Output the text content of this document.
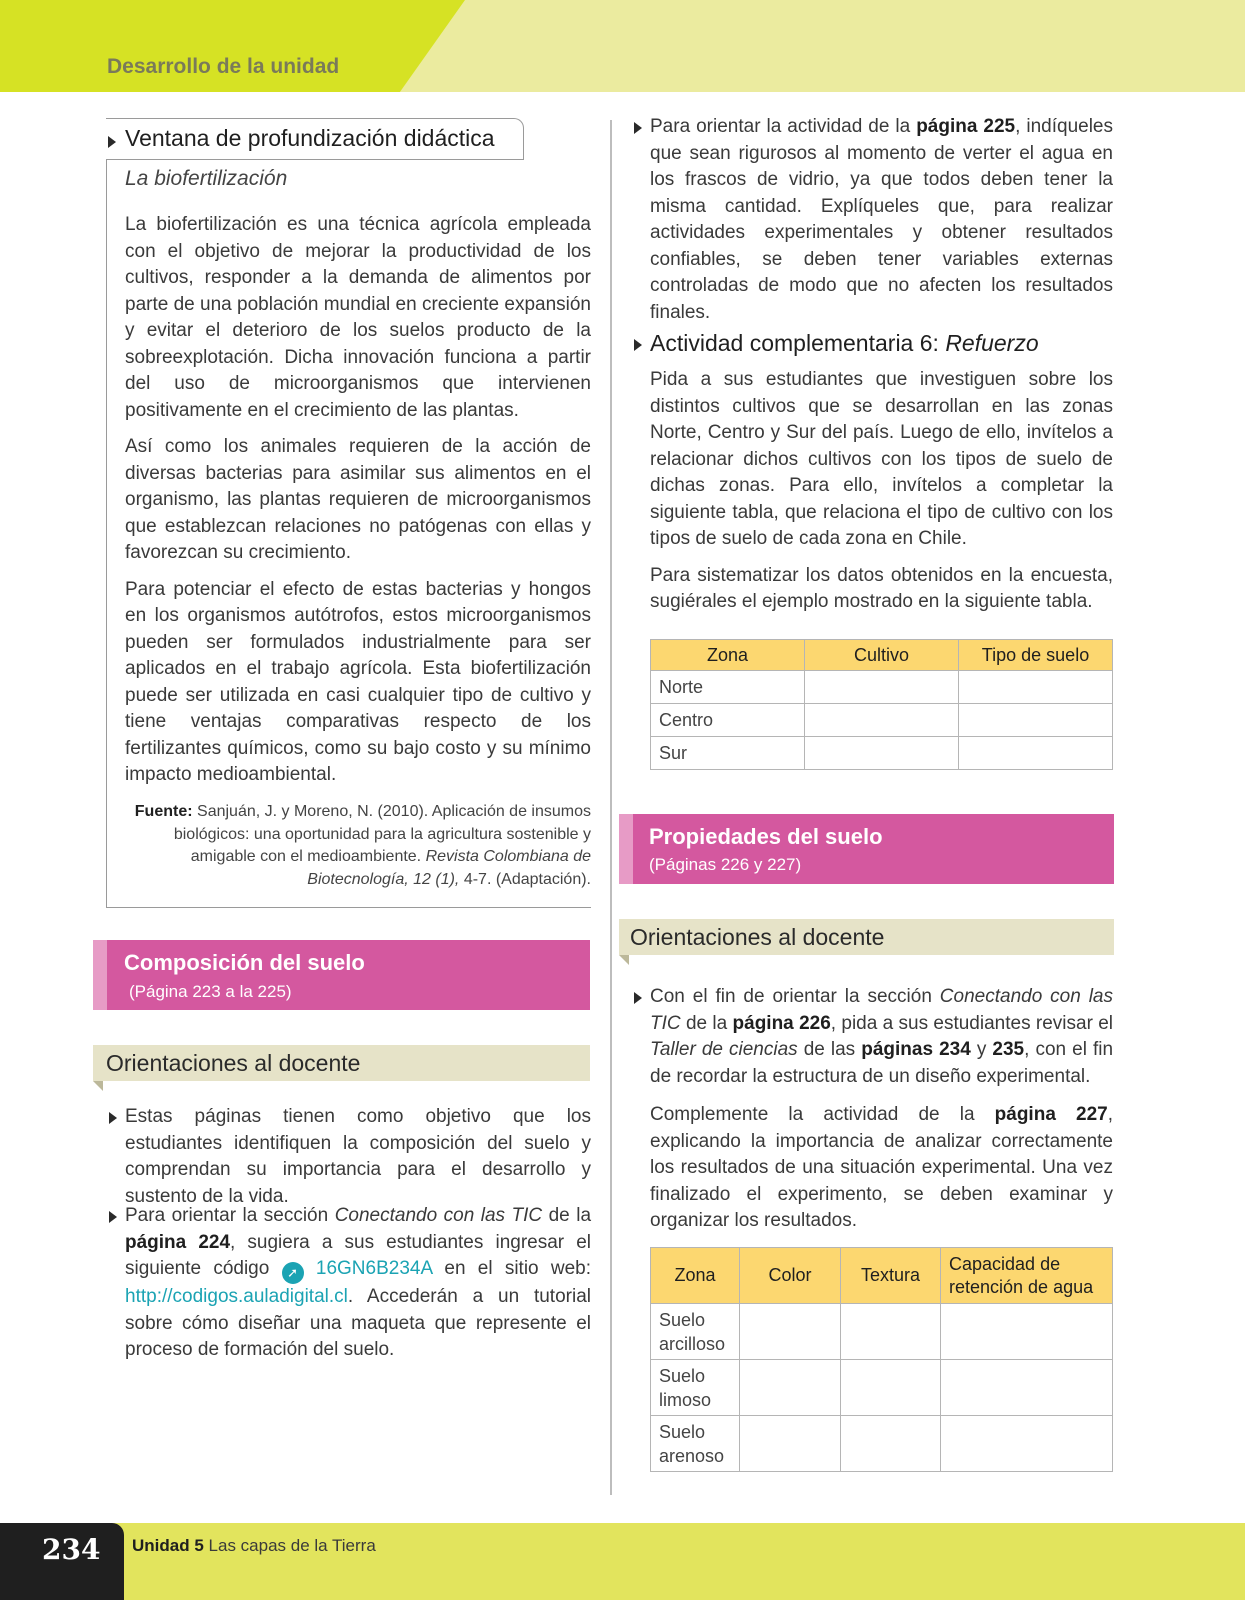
Desarrollo de la unidad
Ventana de profundización didáctica
La biofertilización

La biofertilización es una técnica agrícola empleada con el objetivo de mejorar la productividad de los cultivos, responder a la demanda de alimentos por parte de una población mundial en creciente expansión y evitar el deterioro de los suelos producto de la sobreexplotación. Dicha innovación funciona a partir del uso de microorganismos que intervienen positivamente en el crecimiento de las plantas.

Así como los animales requieren de la acción de diversas bacterias para asimilar sus alimentos en el organismo, las plantas requieren de microorganismos que establezcan relaciones no patógenas con ellas y favorezcan su crecimiento.

Para potenciar el efecto de estas bacterias y hongos en los organismos autótrofos, estos microorganismos pueden ser formulados industrialmente para ser aplicados en el trabajo agrícola. Esta biofertilización puede ser utilizada en casi cualquier tipo de cultivo y tiene ventajas comparativas respecto de los fertilizantes químicos, como su bajo costo y su mínimo impacto medioambiental.

Fuente: Sanjuán, J. y Moreno, N. (2010). Aplicación de insumos biológicos: una oportunidad para la agricultura sostenible y amigable con el medioambiente. Revista Colombiana de Biotecnología, 12 (1), 4-7. (Adaptación).
Composición del suelo
(Página 223 a la 225)
Orientaciones al docente

Estas páginas tienen como objetivo que los estudiantes identifiquen la composición del suelo y comprendan su importancia para el desarrollo y sustento de la vida.

Para orientar la sección Conectando con las TIC de la página 224, sugiera a sus estudiantes ingresar el siguiente código ➚ 16GN6B234A en el sitio web: http://codigos.auladigital.cl. Accederán a un tutorial sobre cómo diseñar una maqueta que represente el proceso de formación del suelo.

Para orientar la actividad de la página 225, indíqueles que sean rigurosos al momento de verter el agua en los frascos de vidrio, ya que todos deben tener la misma cantidad. Explíqueles que, para realizar actividades experimentales y obtener resultados confiables, se deben tener variables externas controladas de modo que no afecten los resultados finales.

Actividad complementaria 6: Refuerzo

Pida a sus estudiantes que investiguen sobre los distintos cultivos que se desarrollan en las zonas Norte, Centro y Sur del país. Luego de ello, invítelos a relacionar dichos cultivos con los tipos de suelo de dichas zonas. Para ello, invítelos a completar la siguiente tabla, que relaciona el tipo de cultivo con los tipos de suelo de cada zona en Chile.

Para sistematizar los datos obtenidos en la encuesta, sugiérales el ejemplo mostrado en la siguiente tabla.

Zona	Cultivo	Tipo de suelo
Norte		
Centro		
Sur		
Propiedades del suelo
(Páginas 226 y 227)
Orientaciones al docente

Con el fin de orientar la sección Conectando con las TIC de la página 226, pida a sus estudiantes revisar el Taller de ciencias de las páginas 234 y 235, con el fin de recordar la estructura de un diseño experimental.

Complemente la actividad de la página 227, explicando la importancia de analizar correctamente los resultados de una situación experimental. Una vez finalizado el experimento, se deben examinar y organizar los resultados.

Zona	Color	Textura	Capacidad de retención de agua
Suelo arcilloso			
Suelo limoso			
Suelo arenoso			
234 Unidad 5 Las capas de la Tierra
